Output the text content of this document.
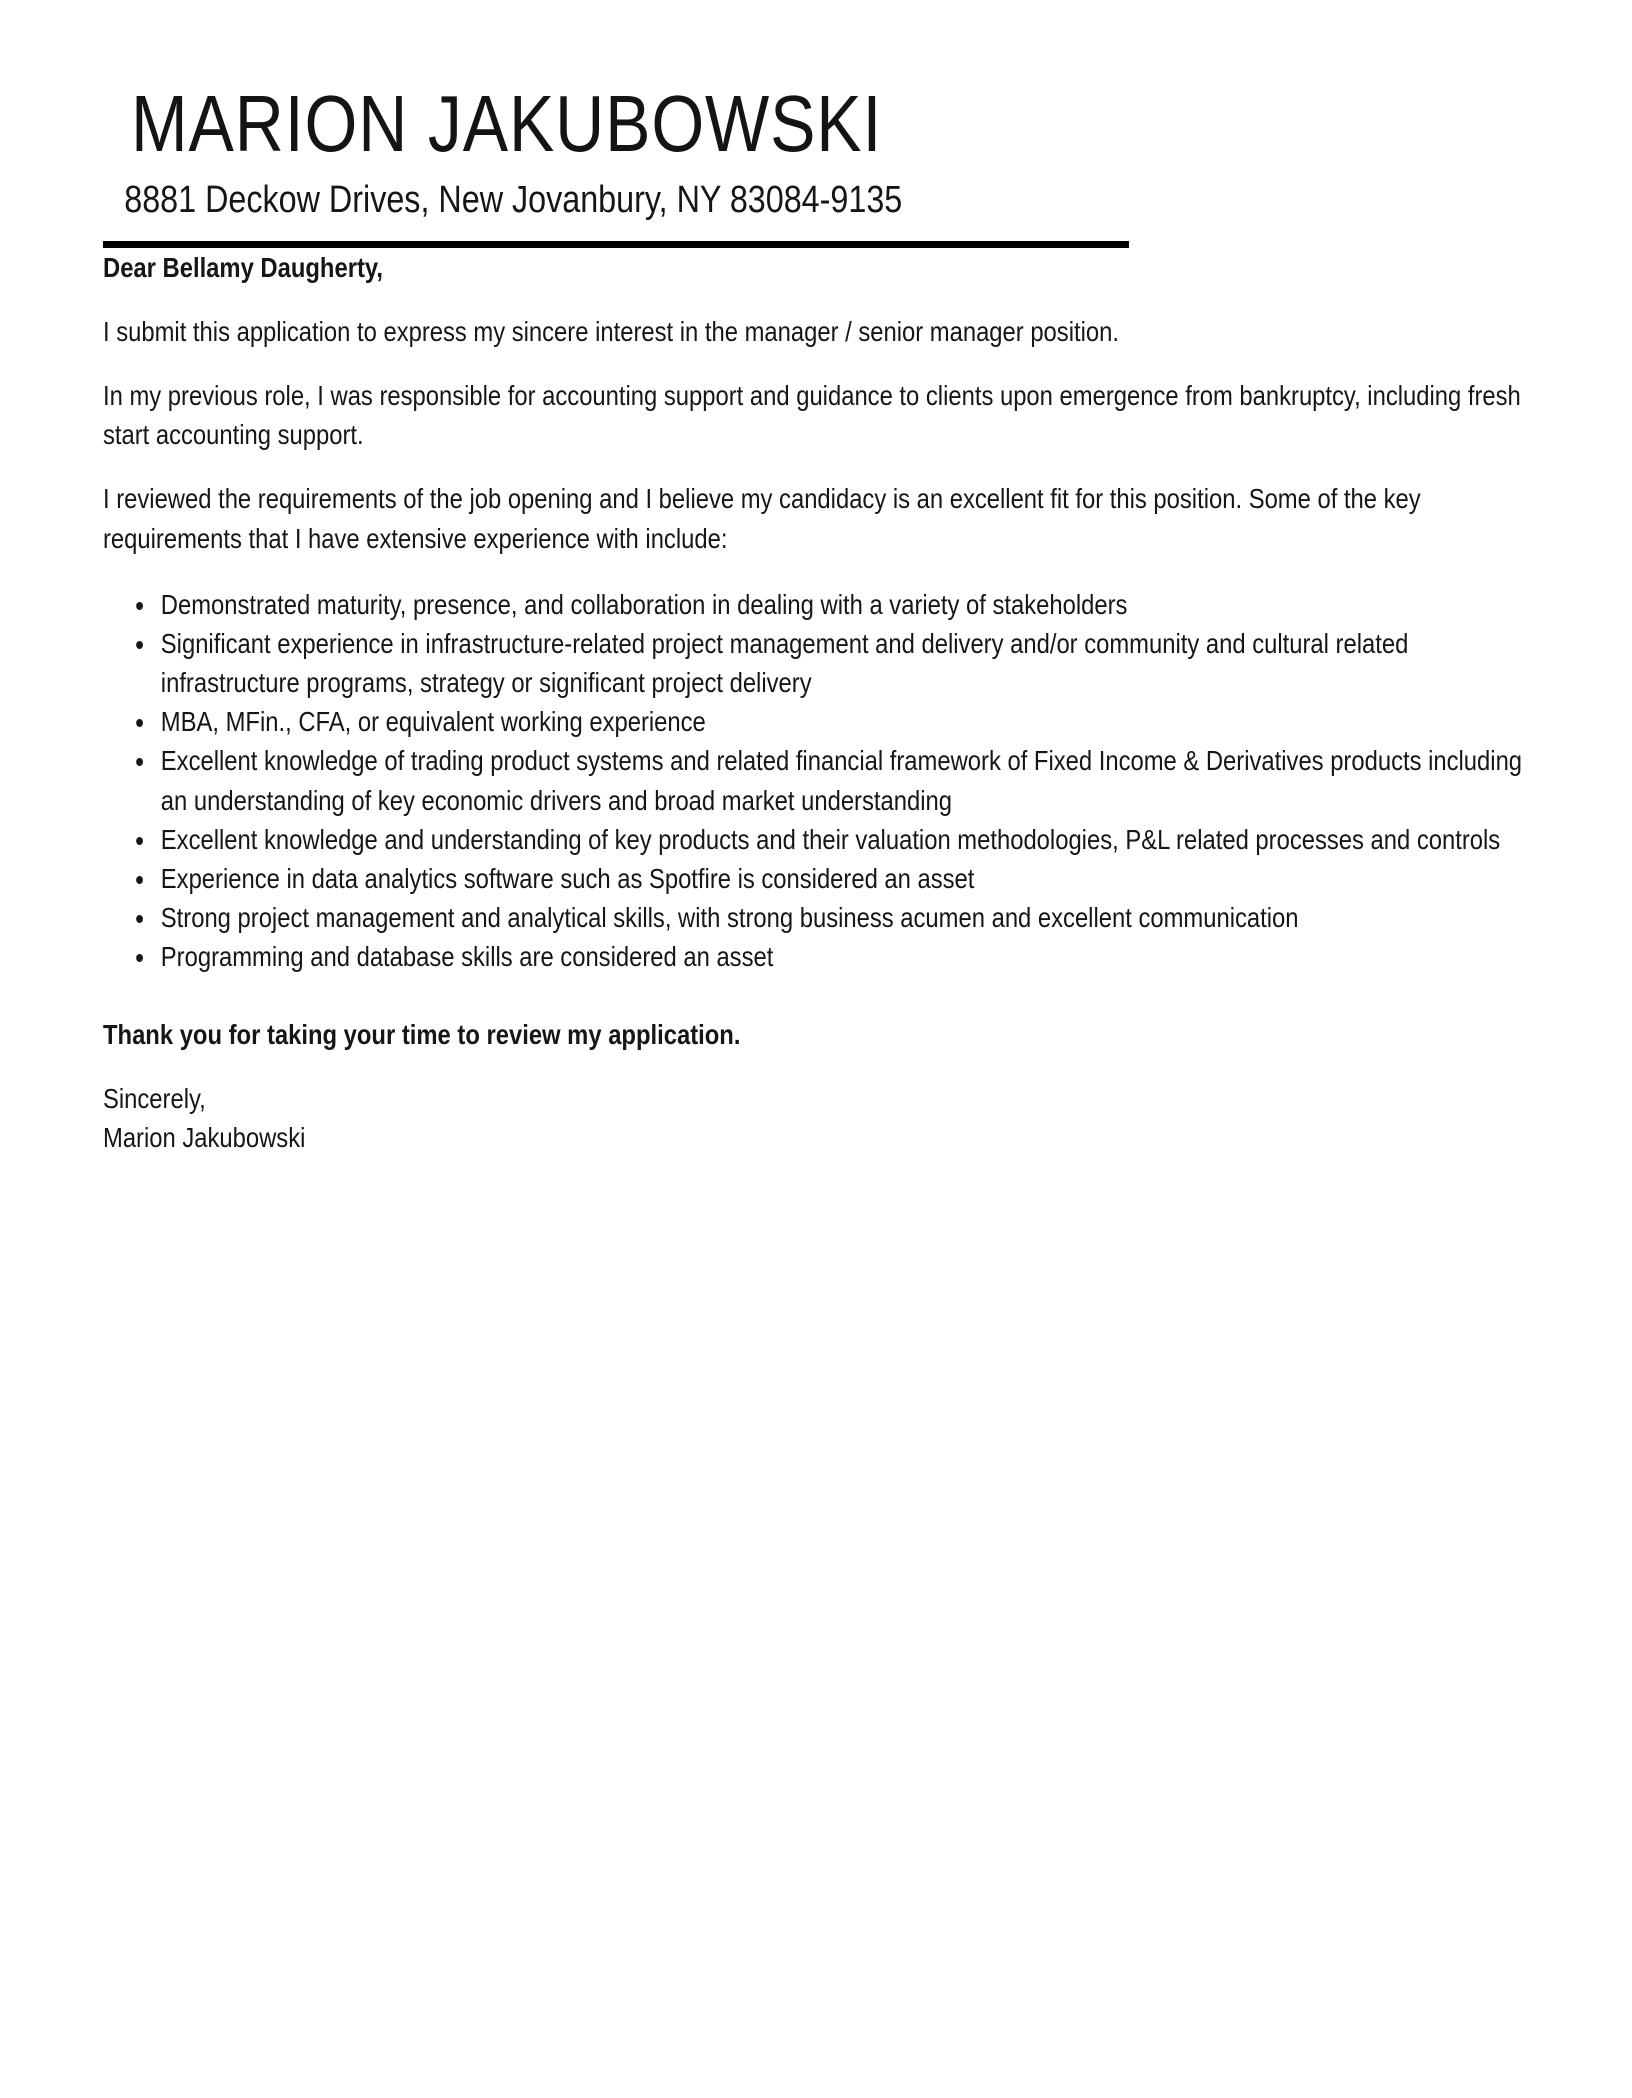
MARION JAKUBOWSKI
8881 Deckow Drives, New Jovanbury, NY 83084-9135

Dear Bellamy Daugherty,

I submit this application to express my sincere interest in the manager / senior manager position.

In my previous role, I was responsible for accounting support and guidance to clients upon emergence from bankruptcy, including fresh start accounting support.

I reviewed the requirements of the job opening and I believe my candidacy is an excellent fit for this position. Some of the key requirements that I have extensive experience with include:

• Demonstrated maturity, presence, and collaboration in dealing with a variety of stakeholders
• Significant experience in infrastructure-related project management and delivery and/or community and cultural related infrastructure programs, strategy or significant project delivery
• MBA, MFin., CFA, or equivalent working experience
• Excellent knowledge of trading product systems and related financial framework of Fixed Income & Derivatives products including an understanding of key economic drivers and broad market understanding
• Excellent knowledge and understanding of key products and their valuation methodologies, P&L related processes and controls
• Experience in data analytics software such as Spotfire is considered an asset
• Strong project management and analytical skills, with strong business acumen and excellent communication
• Programming and database skills are considered an asset

Thank you for taking your time to review my application.

Sincerely,
Marion Jakubowski
